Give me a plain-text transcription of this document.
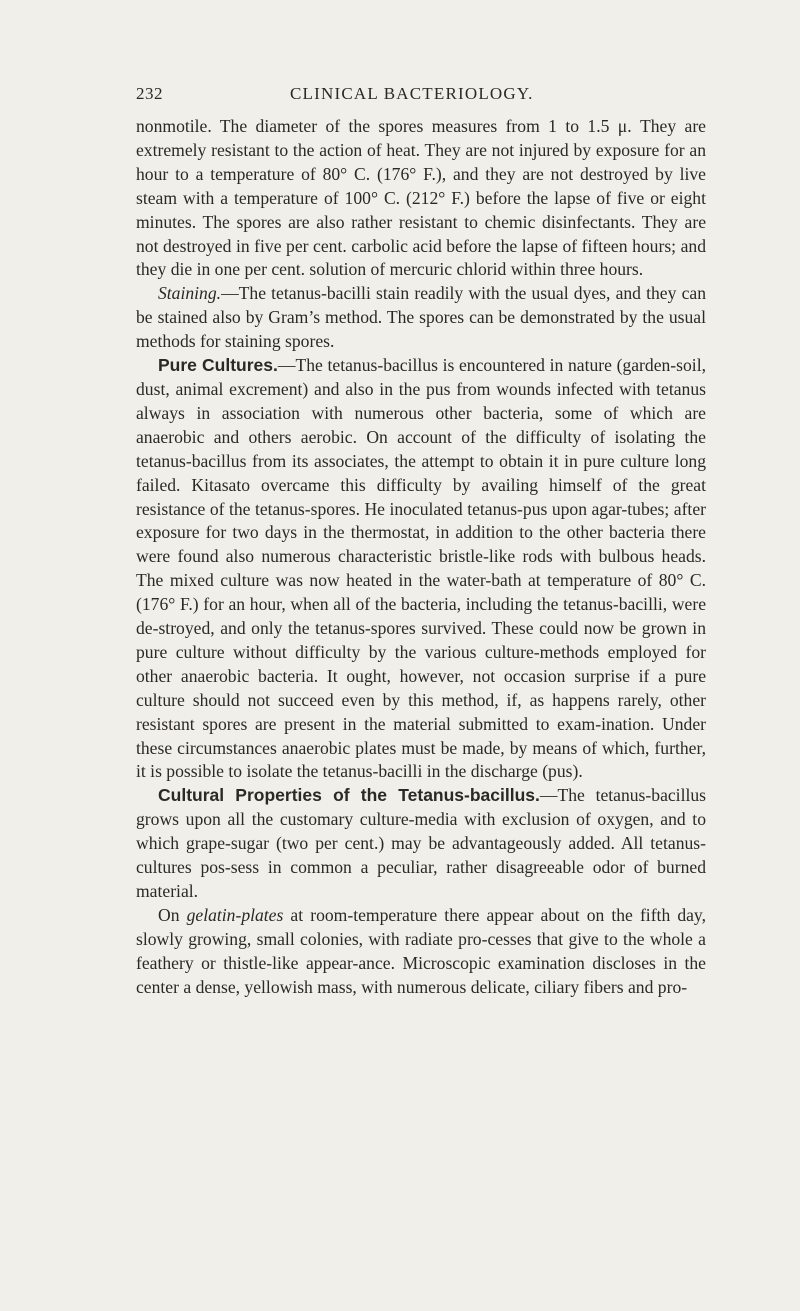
232	CLINICAL BACTERIOLOGY.

nonmotile. The diameter of the spores measures from 1 to 1.5 μ. They are extremely resistant to the action of heat. They are not injured by exposure for an hour to a temperature of 80° C. (176° F.), and they are not destroyed by live steam with a temperature of 100° C. (212° F.) before the lapse of five or eight minutes. The spores are also rather resistant to chemic disinfectants. They are not destroyed in five per cent. carbolic acid before the lapse of fifteen hours; and they die in one per cent. solution of mercuric chlorid within three hours.

Staining.—The tetanus-bacilli stain readily with the usual dyes, and they can be stained also by Gram’s method. The spores can be demonstrated by the usual methods for staining spores.

Pure Cultures.—The tetanus-bacillus is encountered in nature (garden-soil, dust, animal excrement) and also in the pus from wounds infected with tetanus always in association with numerous other bacteria, some of which are anaerobic and others aerobic. On account of the difficulty of isolating the tetanus-bacillus from its associates, the attempt to obtain it in pure culture long failed. Kitasato overcame this difficulty by availing himself of the great resistance of the tetanus-spores. He inoculated tetanus-pus upon agar-tubes; after exposure for two days in the thermostat, in addition to the other bacteria there were found also numerous characteristic bristle-like rods with bulbous heads. The mixed culture was now heated in the water-bath at temperature of 80° C. (176° F.) for an hour, when all of the bacteria, including the tetanus-bacilli, were de-stroyed, and only the tetanus-spores survived. These could now be grown in pure culture without difficulty by the various culture-methods employed for other anaerobic bacteria. It ought, however, not occasion surprise if a pure culture should not succeed even by this method, if, as happens rarely, other resistant spores are present in the material submitted to exam-ination. Under these circumstances anaerobic plates must be made, by means of which, further, it is possible to isolate the tetanus-bacilli in the discharge (pus).

Cultural Properties of the Tetanus-bacillus.—The tetanus-bacillus grows upon all the customary culture-media with exclusion of oxygen, and to which grape-sugar (two per cent.) may be advantageously added. All tetanus-cultures pos-sess in common a peculiar, rather disagreeable odor of burned material.

On gelatin-plates at room-temperature there appear about on the fifth day, slowly growing, small colonies, with radiate pro-cesses that give to the whole a feathery or thistle-like appear-ance. Microscopic examination discloses in the center a dense, yellowish mass, with numerous delicate, ciliary fibers and pro-
